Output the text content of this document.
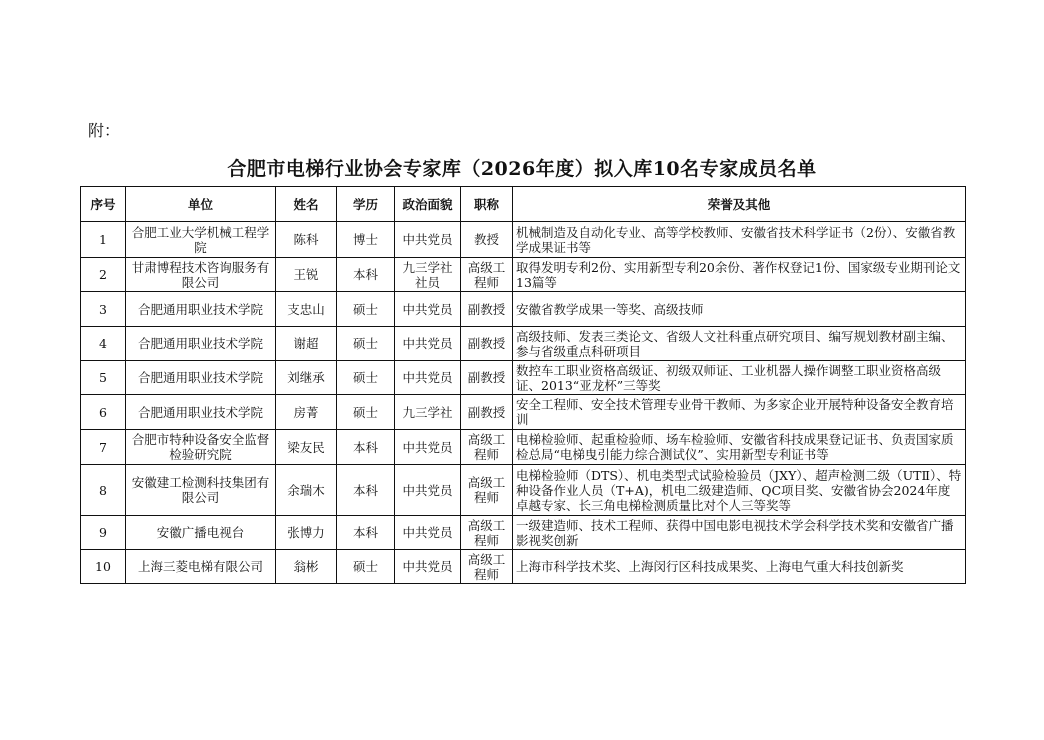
附：
合肥市电梯行业协会专家库（2026年度）拟入库10名专家成员名单
序号	单位	姓名	学历	政治面貌	职称	荣誉及其他
1	合肥工业大学机械工程学院	陈科	博士	中共党员	教授	机械制造及自动化专业、高等学校教师、安徽省技术科学证书（2份）、安徽省教学成果证书等
2	甘肃博程技术咨询服务有限公司	王锐	本科	九三学社社员	高级工程师	取得发明专利2份、实用新型专利20余份、著作权登记1份、国家级专业期刊论文13篇等
3	合肥通用职业技术学院	支忠山	硕士	中共党员	副教授	安徽省教学成果一等奖、高级技师
4	合肥通用职业技术学院	谢超	硕士	中共党员	副教授	高级技师、发表三类论文、省级人文社科重点研究项目、编写规划教材副主编、参与省级重点科研项目
5	合肥通用职业技术学院	刘继承	硕士	中共党员	副教授	数控车工职业资格高级证、初级双师证、工业机器人操作调整工职业资格高级证、2013“亚龙杯”三等奖
6	合肥通用职业技术学院	房菁	硕士	九三学社	副教授	安全工程师、安全技术管理专业骨干教师、为多家企业开展特种设备安全教育培训
7	合肥市特种设备安全监督检验研究院	梁友民	本科	中共党员	高级工程师	电梯检验师、起重检验师、场车检验师、安徽省科技成果登记证书、负责国家质检总局“电梯曳引能力综合测试仪”、实用新型专利证书等
8	安徽建工检测科技集团有限公司	余瑞木	本科	中共党员	高级工程师	电梯检验师（DTS）、机电类型式试验检验员（JXY）、超声检测二级（UTⅡ）、特种设备作业人员（T+A)，机电二级建造师、QC项目奖、安徽省协会2024年度卓越专家、长三角电梯检测质量比对个人三等奖等
9	安徽广播电视台	张博力	本科	中共党员	高级工程师	一级建造师、技术工程师、获得中国电影电视技术学会科学技术奖和安徽省广播影视奖创新
10	上海三菱电梯有限公司	翁彬	硕士	中共党员	高级工程师	上海市科学技术奖、上海闵行区科技成果奖、上海电气重大科技创新奖
